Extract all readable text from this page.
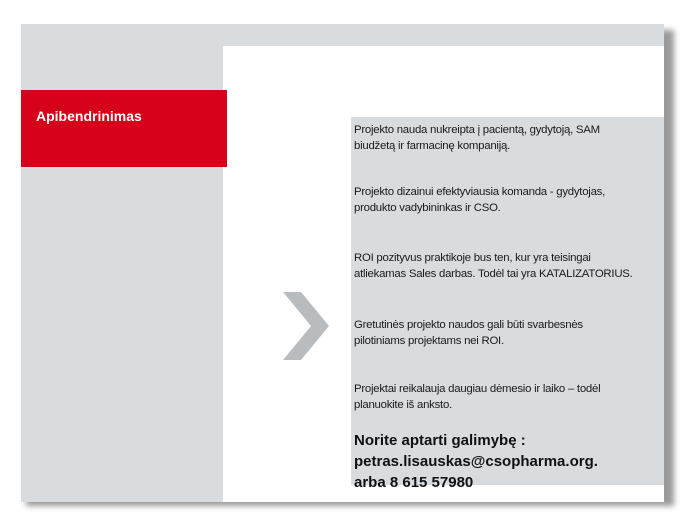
Apibendrinimas
Projekto nauda nukreipta į pacientą, gydytoją, SAM
biudžetą ir farmacinę kompaniją.
Projekto dizainui efektyviausia komanda - gydytojas,
produkto vadybininkas ir CSO.
ROI pozityvus praktikoje bus ten, kur yra teisingai
atliekamas Sales darbas. Todėl tai yra KATALIZATORIUS.
Gretutinės projekto naudos gali būti svarbesnės
pilotiniams projektams nei ROI.
Projektai reikalauja daugiau dėmesio ir laiko – todėl
planuokite iš anksto.
Norite aptarti galimybę :
petras.lisauskas@csopharma.org.
arba 8 615 57980
